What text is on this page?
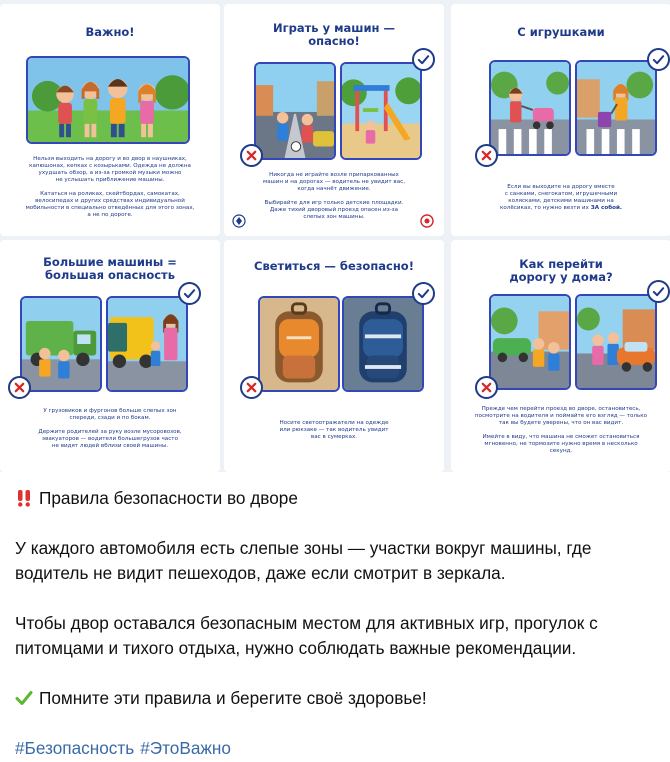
Важно!
Нельзя выходить на дорогу и во двор в наушниках,
капюшонах, кепках с козырьками. Одежда не должна
ухудшать обзор, а из-за громкой музыки можно
не услышать приближение машины.

Кататься на роликах, скейтбордах, самокатах,
велосипедах и других средствах индивидуальной
мобильности в специально отведённых для этого зонах,
а не по дороге.
Играть у машин —
опасно!
Никогда не играйте возле припаркованных
машин и на дорогах — водитель не увидит вас,
когда начнёт движение.

Выбирайте для игр только детские площадки.
Даже тихий дворовый проезд опасен из-за
слепых зон машины.
С игрушками
Если вы выходите на дорогу вместе
с санками, снегокатом, игрушечными
колясками, детскими машинами на
колёсиках, то нужно везти их ЗА собой.
Большие машины =
большая опасность
У грузовиков и фургонов больше слепых зон
спереди, сзади и по бокам.

Держите родителей за руку возле мусоровозов,
эвакуаторов — водители большегрузов часто
не видят людей вблизи своей машины.
Светиться — безопасно!
Носите светоотражатели на одежде
или рюкзаке — так водитель увидит
вас в сумерках.
Как перейти
дорогу у дома?
Прежде чем перейти проезд во дворе, остановитесь,
посмотрите на водителя и поймайте его взгляд — только
так вы будете уверены, что он вас видит.

Имейте в виду, что машина не сможет остановиться
мгновенно, не тормозите нужно время в несколько
секунд.
Правила безопасности во дворе
У каждого автомобиля есть слепые зоны — участки вокруг машины, где водитель не видит пешеходов, даже если смотрит в зеркала.
Чтобы двор оставался безопасным местом для активных игр, прогулок с питомцами и тихого отдыха, нужно соблюдать важные рекомендации.
Помните эти правила и берегите своё здоровье!
#Безопасность #ЭтоВажно
